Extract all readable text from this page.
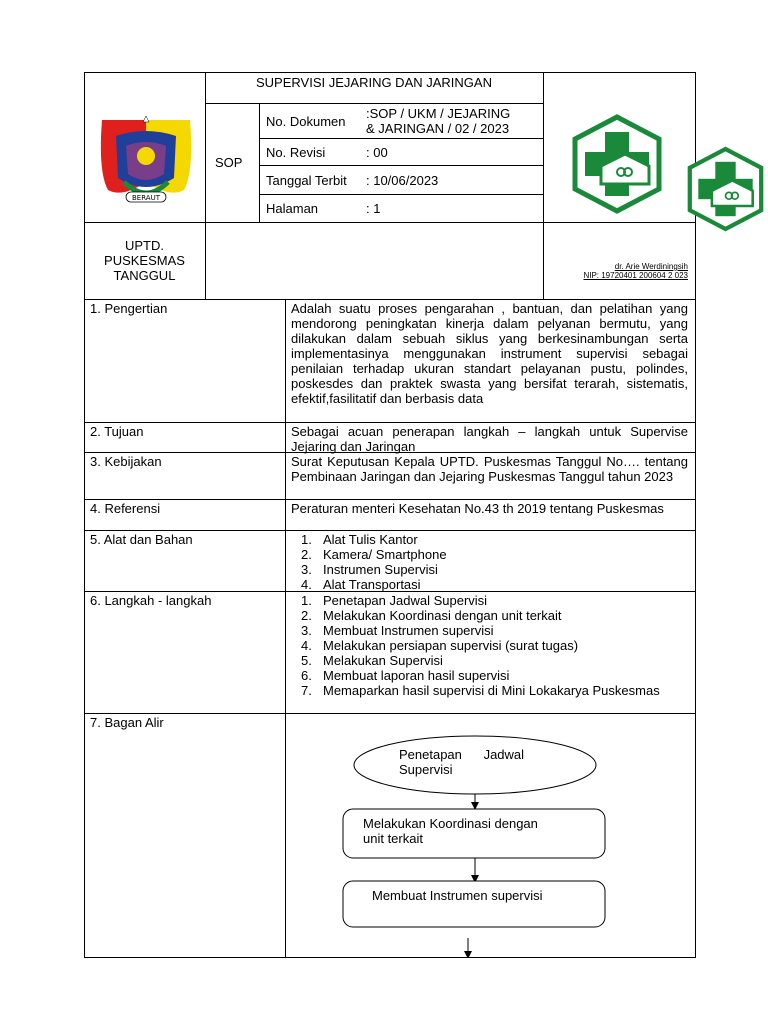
BERAUT
SUPERVISI JEJARING DAN JARINGAN
SOP
No. Dokumen
:SOP / UKM / JEJARING
& JARINGAN / 02 / 2023
No. Revisi	: 00
Tanggal Terbit : 10/06/2023
Halaman	: 1
UPTD.
PUSKESMAS
TANGGUL
dr. Arie Werdiningsih
NIP: 19720401 200604 2 023
1. Pengertian	Adalah suatu proses pengarahan , bantuan, dan pelatihan yang mendorong peningkatan kinerja dalam pelyanan bermutu, yang dilakukan dalam sebuah siklus yang berkesinambungan serta implementasinya menggunakan instrument supervisi sebagai penilaian terhadap ukuran standart pelayanan pustu, polindes, poskesdes dan praktek swasta yang bersifat terarah, sistematis, efektif,fasilitatif dan berbasis data
2. Tujuan	Sebagai acuan penerapan langkah – langkah untuk Supervise Jejaring dan Jaringan
3. Kebijakan	Surat Keputusan Kepala UPTD. Puskesmas Tanggul No…. tentang Pembinaan Jaringan dan Jejaring Puskesmas Tanggul tahun 2023
4. Referensi	Peraturan menteri Kesehatan No.43 th 2019 tentang Puskesmas
5. Alat dan Bahan	1. Alat Tulis Kantor
2. Kamera/ Smartphone
3. Instrumen Supervisi
4. Alat Transportasi
6. Langkah - langkah	1. Penetapan Jadwal Supervisi
2. Melakukan Koordinasi dengan unit terkait
3. Membuat Instrumen supervisi
4. Melakukan persiapan supervisi (surat tugas)
5. Melakukan Supervisi
6. Membuat laporan hasil supervisi
7. Memaparkan hasil supervisi di Mini Lokakarya Puskesmas
7. Bagan Alir
Penetapan      Jadwal
Supervisi
Melakukan Koordinasi dengan
unit terkait
Membuat Instrumen supervisi
